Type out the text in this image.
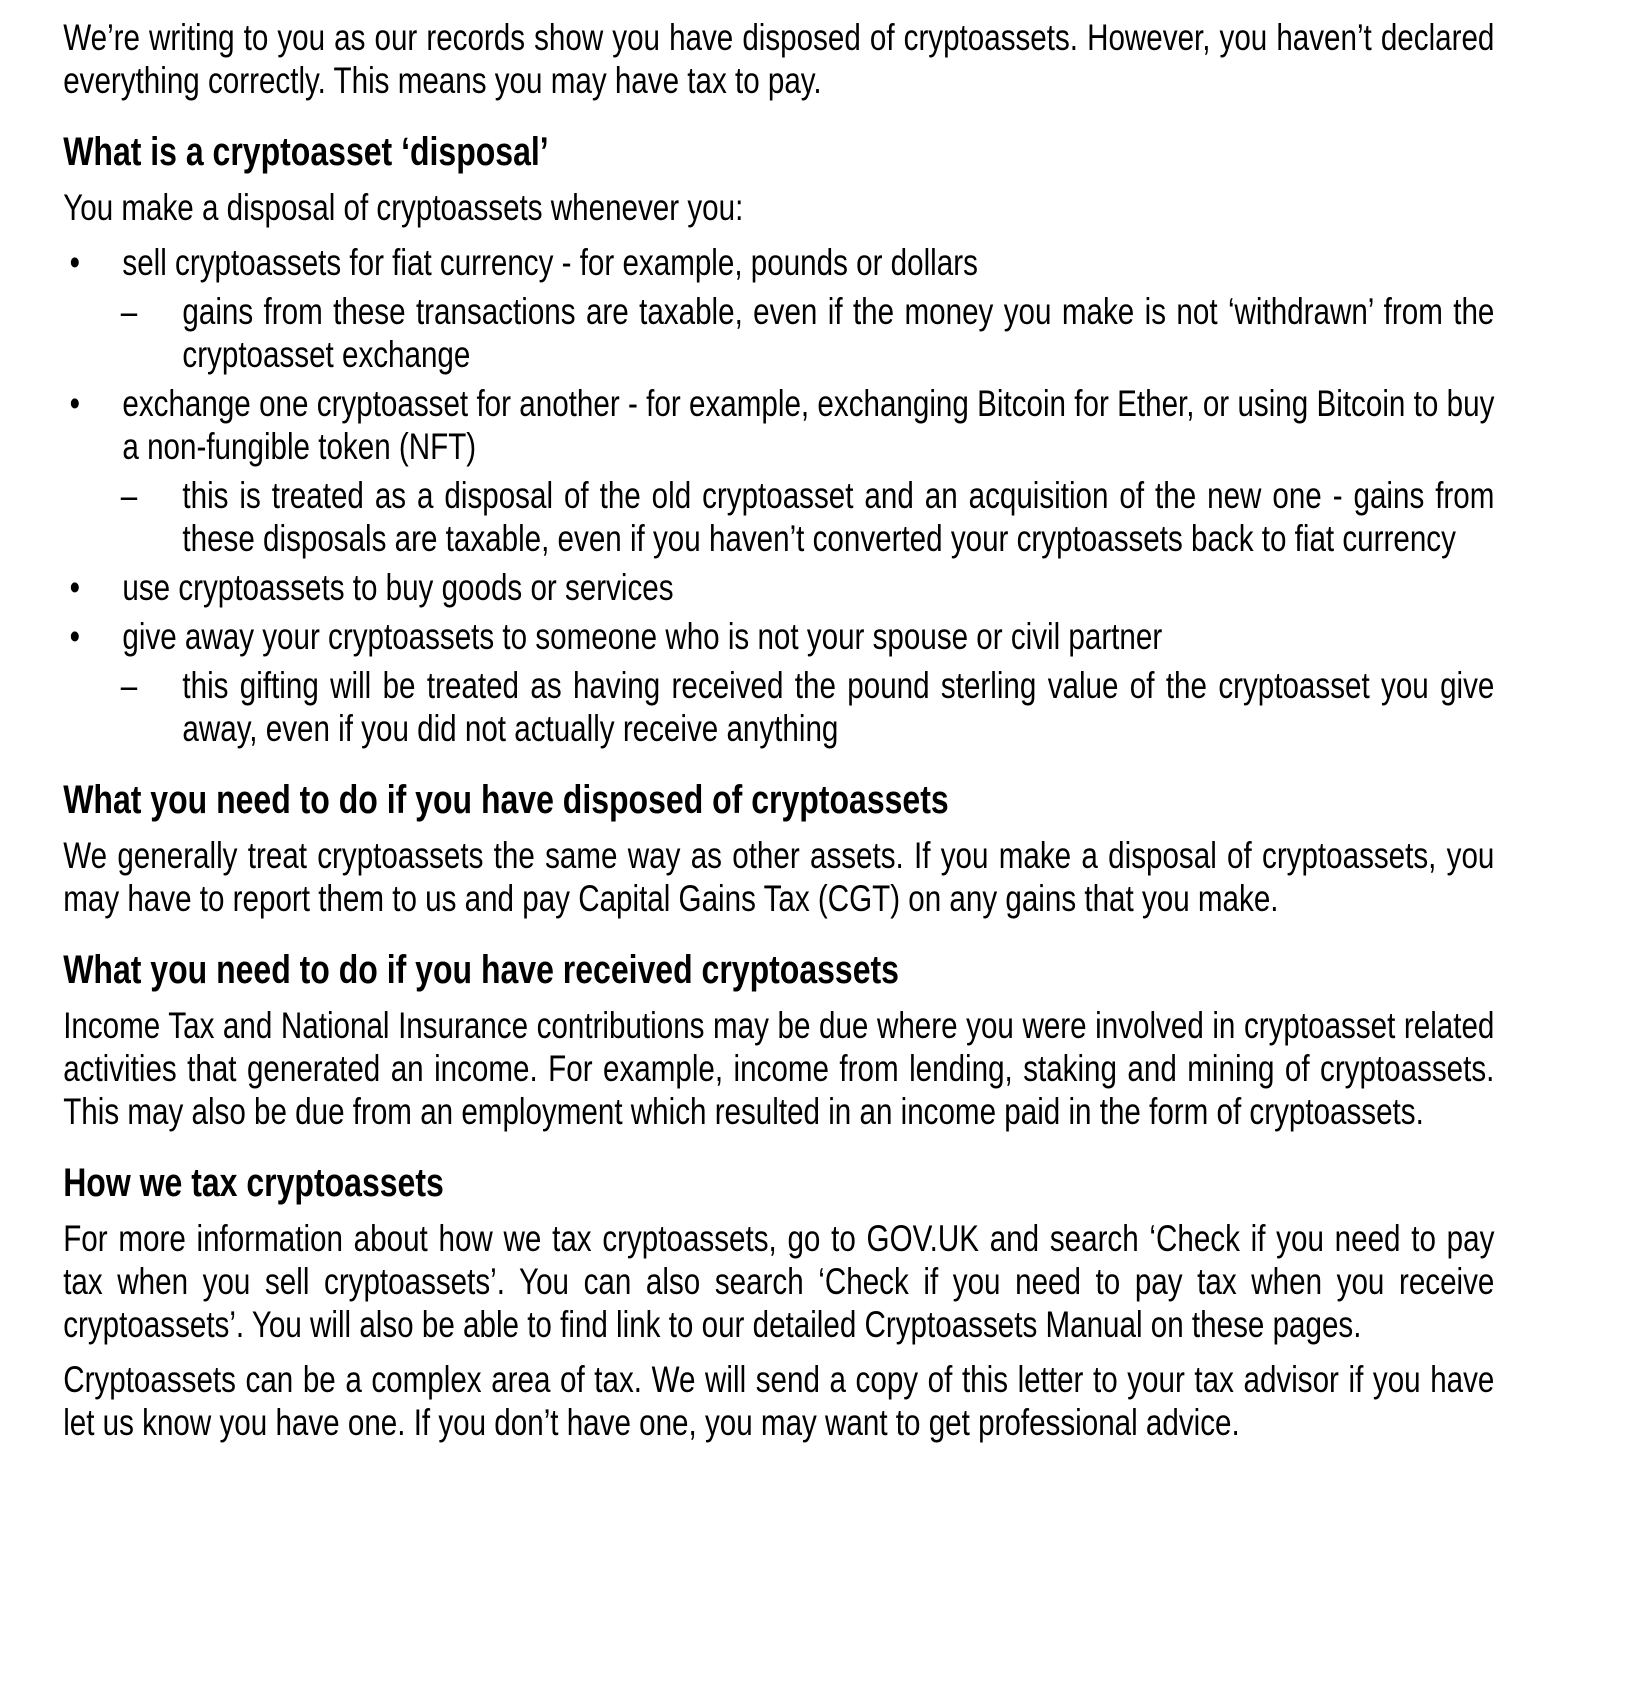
We’re writing to you as our records show you have disposed of cryptoassets. However, you haven’t declared everything correctly. This means you may have tax to pay.

What is a cryptoasset ‘disposal’

You make a disposal of cryptoassets whenever you:

• sell cryptoassets for fiat currency - for example, pounds or dollars
– gains from these transactions are taxable, even if the money you make is not ‘withdrawn’ from the cryptoasset exchange
• exchange one cryptoasset for another - for example, exchanging Bitcoin for Ether, or using Bitcoin to buy a non-fungible token (NFT)
– this is treated as a disposal of the old cryptoasset and an acquisition of the new one - gains from these disposals are taxable, even if you haven’t converted your cryptoassets back to fiat currency
• use cryptoassets to buy goods or services
• give away your cryptoassets to someone who is not your spouse or civil partner
– this gifting will be treated as having received the pound sterling value of the cryptoasset you give away, even if you did not actually receive anything
What you need to do if you have disposed of cryptoassets

We generally treat cryptoassets the same way as other assets. If you make a disposal of cryptoassets, you may have to report them to us and pay Capital Gains Tax (CGT) on any gains that you make.

What you need to do if you have received cryptoassets

Income Tax and National Insurance contributions may be due where you were involved in cryptoasset related activities that generated an income. For example, income from lending, staking and mining of cryptoassets. This may also be due from an employment which resulted in an income paid in the form of cryptoassets.

How we tax cryptoassets

For more information about how we tax cryptoassets, go to GOV.UK and search ‘Check if you need to pay tax when you sell cryptoassets’. You can also search ‘Check if you need to pay tax when you receive cryptoassets’. You will also be able to find link to our detailed Cryptoassets Manual on these pages.

Cryptoassets can be a complex area of tax. We will send a copy of this letter to your tax advisor if you have let us know you have one. If you don’t have one, you may want to get professional advice.
